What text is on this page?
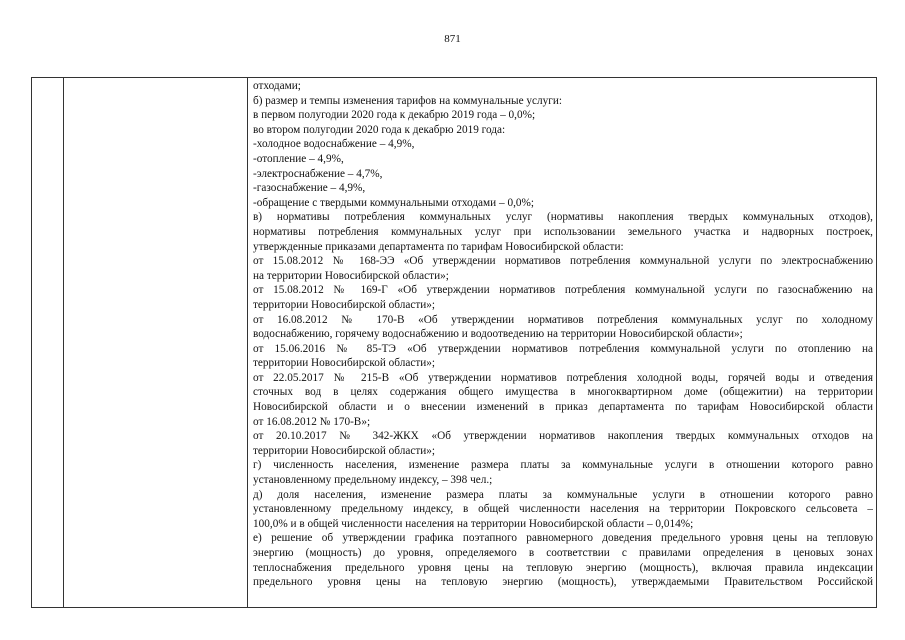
871
отходами;
б) размер и темпы изменения тарифов на коммунальные услуги:
в первом полугодии 2020 года к декабрю 2019 года – 0,0%;
во втором полугодии 2020 года к декабрю 2019 года:
-холодное водоснабжение – 4,9%,
-отопление – 4,9%,
-электроснабжение – 4,7%,
-газоснабжение – 4,9%,
-обращение с твердыми коммунальными отходами – 0,0%;
в) нормативы потребления коммунальных услуг (нормативы накопления твердых коммунальных отходов),
нормативы потребления коммунальных услуг при использовании земельного участка и надворных построек,
утвержденные приказами департамента по тарифам Новосибирской области:
от 15.08.2012 № 168-ЭЭ «Об утверждении нормативов потребления коммунальной услуги по электроснабжению
на территории Новосибирской области»;
от 15.08.2012 № 169-Г «Об утверждении нормативов потребления коммунальной услуги по газоснабжению на
территории Новосибирской области»;
от 16.08.2012 № 170-В «Об утверждении нормативов потребления коммунальных услуг по холодному
водоснабжению, горячему водоснабжению и водоотведению на территории Новосибирской области»;
от 15.06.2016 № 85-ТЭ «Об утверждении нормативов потребления коммунальной услуги по отоплению на
территории Новосибирской области»;
от 22.05.2017 № 215-В «Об утверждении нормативов потребления холодной воды, горячей воды и отведения
сточных вод в целях содержания общего имущества в многоквартирном доме (общежитии) на территории
Новосибирской области и о внесении изменений в приказ департамента по тарифам Новосибирской области
от 16.08.2012 № 170-В»;
от 20.10.2017 № 342-ЖКХ «Об утверждении нормативов накопления твердых коммунальных отходов на
территории Новосибирской области»;
г) численность населения, изменение размера платы за коммунальные услуги в отношении которого равно
установленному предельному индексу, – 398 чел.;
д) доля населения, изменение размера платы за коммунальные услуги в отношении которого равно
установленному предельному индексу, в общей численности населения на территории Покровского сельсовета –
100,0% и в общей численности населения на территории Новосибирской области – 0,014%;
е) решение об утверждении графика поэтапного равномерного доведения предельного уровня цены на тепловую
энергию (мощность) до уровня, определяемого в соответствии с правилами определения в ценовых зонах
теплоснабжения предельного уровня цены на тепловую энергию (мощность), включая правила индексации
предельного уровня цены на тепловую энергию (мощность), утверждаемыми Правительством Российской
